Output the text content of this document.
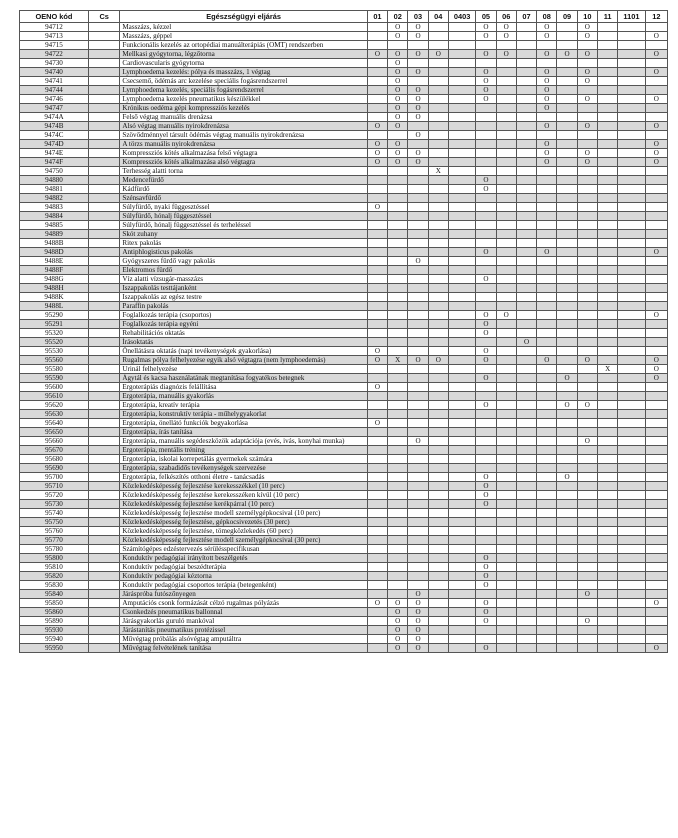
OENO kód	Cs	Egészségügyi eljárás	01	02	03	04	0403	05	06	07	08	09	10	11	1101	12
94712		Masszázs, kézzel		O	O			O	O		O		O			
94713		Masszázs, géppel		O	O			O	O		O		O			O
94715		Funkcionális kezelés az ortopédiai manuálterápiás (OMT) rendszerben														
94722		Mellkasi gyógytorna, légzőtorna	O	O	O	O		O	O		O	O	O			O
94730		Cardiovascularis gyógytorna		O												
94740		Lymphoedema kezelés: pólya és masszázs, 1 végtag		O	O			O			O		O			O
94741		Csecsemő, ödémás arc kezelése speciális fogásrendszerrel		O				O			O		O			
94744		Lymphoedema kezelés, speciális fogásrendszerrel		O	O			O			O					
94746		Lymphoedema kezelés pneumatikus készülékkel		O	O			O			O		O			O
94747		Krónikus oedéma gépi kompressziós kezelés		O	O						O					
9474A		Felső végtag manuális drenázsa		O	O											
9474B		Alsó végtag manuális nyirokdrenázsa	O	O							O		O			O
9474C		Szövődménnyel társult ödémás végtag manuális nyirokdrenázsa			O											
9474D		A törzs manuális nyirokdrenázsa	O	O							O					O
9474E		Kompressziós kötés alkalmazása felső végtagra	O	O	O						O		O			O
9474F		Kompressziós kötés alkalmazása alsó végtagra	O	O	O						O		O			O
94750		Terhesség alatti torna				X										
94880		Medencefürdő						O								
94881		Kádfürdő						O								
94882		Szénsavfürdő														
94883		Súlyfürdő, nyaki függesztéssel	O													
94884		Súlyfürdő, hónalj függesztéssel														
94885		Súlyfürdő, hónalj függesztéssel és terheléssel														
94889		Skót zuhany														
9488B		Ritex pakolás														
9488D		Antiphlogisticus pakolás						O			O					O
9488E		Gyógyszeres fürdő vagy pakolás			O											
9488F		Elektromos fürdő														
9488G		Víz alatti vízsugár-masszázs						O								
9488H		Iszappakolás testtájanként														
9488K		Iszappakolás az egész testre														
9488L		Paraffin pakolás														
95290		Foglalkozás terápia (csoportos)						O	O							O
95291		Foglalkozás terápia egyéni						O								
95320		Rehabilitációs oktatás						O								
95520		Írásoktatás								O						
95530		Önellátásra oktatás (napi tevékenységek gyakorlása)	O					O								
95560		Rugalmas pólya felhelyezése egyik alsó végtagra (nem lymphoedemás)	O	X	O	O		O			O		O			O
95580		Urinál felhelyezése												X		O
95590		Ágytál és kacsa használatának megtanítása fogyatékos betegnek						O				O				O
95600		Ergoterápiás diagnózis felállítása	O													
95610		Ergoterápia, manuális gyakorlás														
95620		Ergoterápia, kreatív terápia						O				O	O			
95630		Ergoterápia, konstruktív terápia - műhelygyakorlat														
95640		Ergoterápia, önellátó funkciók begyakorlása	O													
95650		Ergoterápia, írás tanítása														
95660		Ergoterápia, manuális segédeszközök adaptációja (evés, ivás, konyhai munka)			O								O			
95670		Ergoterápia, mentális tréning														
95680		Ergoterápia, iskolai korrepetálás gyermekek számára														
95690		Ergoterápia, szabadidős tevékenységek szervezése														
95700		Ergoterápia, felkészítés otthoni életre - tanácsadás						O				O				
95710		Közlekedésképesség fejlesztése kerekesszékkel (10 perc)						O								
95720		Közlekedésképesség fejlesztése kerekesszéken kívül (10 perc)						O								
95730		Közlekedésképesség fejlesztése kerékpárral (10 perc)						O								
95740		Közlekedésképesség fejlesztése modell személygépkocsival (10 perc)														
95750		Közlekedésképesség fejlesztése, gépkocsivezetés (30 perc)														
95760		Közlekedésképesség fejlesztése, tömegközlekedés (60 perc)														
95770		Közlekedésképesség fejlesztése modell személygépkocsival (30 perc)														
95780		Számítógépes edzéstervezés sérülésspecifikusan														
95800		Konduktív pedagógiai irányított beszélgetés						O								
95810		Konduktív pedagógiai beszédterápia						O								
95820		Konduktív pedagógiai kéztorna						O								
95830		Konduktív pedagógiai csoportos terápia (betegenként)						O								
95840		Járáspróba futószőnyegen			O								O			
95850		Amputációs csonk formázását célzó rugalmas pólyázás	O	O	O			O								O
95860		Csonkedzés pneumatikus ballonnal		O	O			O								
95890		Járásgyakorlás guruló mankóval		O	O			O					O			
95930		Járástanítás pneumatikus protézissel		O	O											
95940		Művégtag próbálás alsóvégtag amputáltra		O	O											
95950		Művégtag felvételének tanítása		O	O			O								O
